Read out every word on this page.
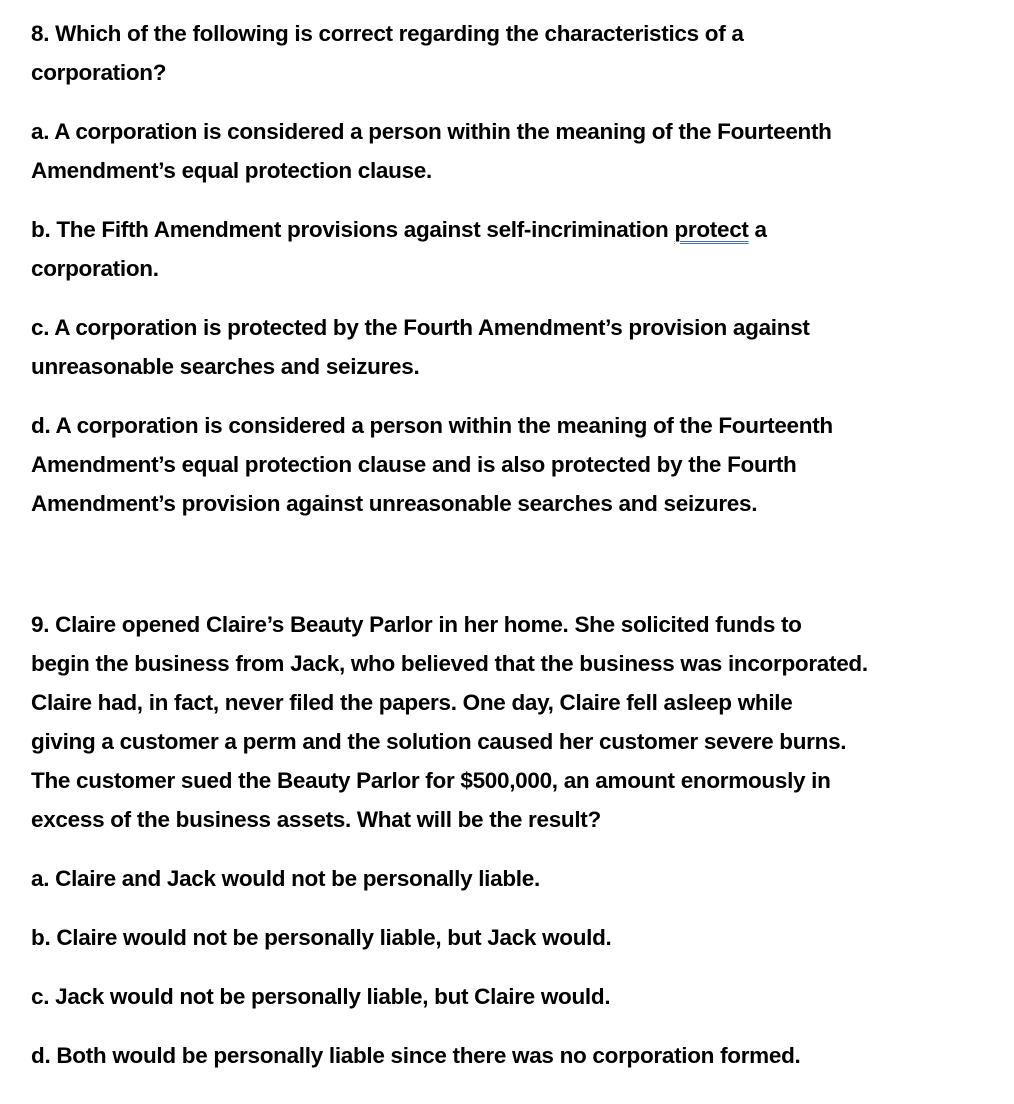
8. Which of the following is correct regarding the characteristics of a
corporation?
a. A corporation is considered a person within the meaning of the Fourteenth
Amendment’s equal protection clause.
b. The Fifth Amendment provisions against self-incrimination protect a
corporation.
c. A corporation is protected by the Fourth Amendment’s provision against
unreasonable searches and seizures.
d. A corporation is considered a person within the meaning of the Fourteenth
Amendment’s equal protection clause and is also protected by the Fourth
Amendment’s provision against unreasonable searches and seizures.
9. Claire opened Claire’s Beauty Parlor in her home. She solicited funds to
begin the business from Jack, who believed that the business was incorporated.
Claire had, in fact, never filed the papers. One day, Claire fell asleep while
giving a customer a perm and the solution caused her customer severe burns.
The customer sued the Beauty Parlor for $500,000, an amount enormously in
excess of the business assets. What will be the result?
a. Claire and Jack would not be personally liable.
b. Claire would not be personally liable, but Jack would.
c. Jack would not be personally liable, but Claire would.
d. Both would be personally liable since there was no corporation formed.
